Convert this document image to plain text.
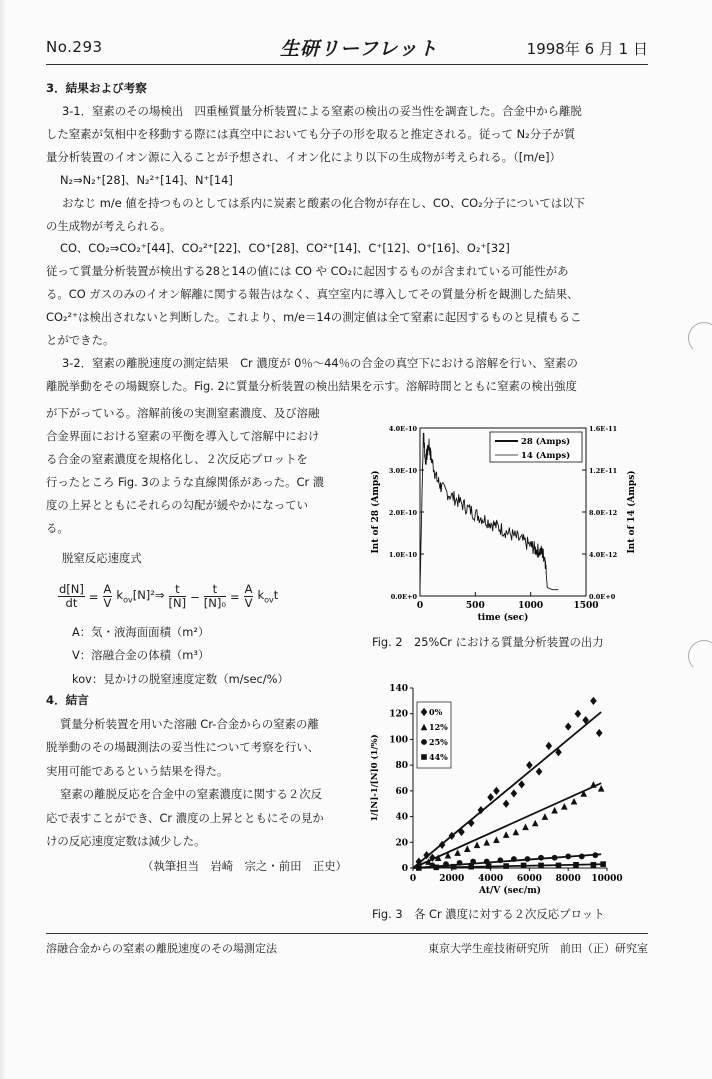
No.293	生研リーフレット	1998年 6 月 1 日
3．結果および考察
3-1．窒素のその場検出　四重極質量分析装置による窒素の検出の妥当性を調査した。合金中から離脱
した窒素が気相中を移動する際には真空中においても分子の形を取ると推定される。従って N₂分子が質
量分析装置のイオン源に入ることが予想され、イオン化により以下の生成物が考えられる。（[m/e]）
N₂⇒N₂⁺[28]、N₂²⁺[14]、N⁺[14]
おなじ m/e 値を持つものとしては系内に炭素と酸素の化合物が存在し、CO、CO₂分子については以下
の生成物が考えられる。
CO、CO₂⇒CO₂⁺[44]、CO₂²⁺[22]、CO⁺[28]、CO²⁺[14]、C⁺[12]、O⁺[16]、O₂⁺[32]
従って質量分析装置が検出する28と14の値には CO や CO₂に起因するものが含まれている可能性があ
る。CO ガスのみのイオン解離に関する報告はなく、真空室内に導入してその質量分析を観測した結果、
CO₂²⁺は検出されないと判断した。これより、m/e＝14の測定値は全て窒素に起因するものと見積もるこ
とができた。
3-2．窒素の離脱速度の測定結果　Cr 濃度が 0％～44％の合金の真空下における溶解を行い、窒素の
離脱挙動をその場観察した。Fig. 2に質量分析装置の検出結果を示す。溶解時間とともに窒素の検出強度
が下がっている。溶解前後の実測窒素濃度、及び溶融
合金界面における窒素の平衡を導入して溶解中におけ
る合金の窒素濃度を規格化し、２次反応プロットを
行ったところ Fig. 3のような直線関係があった。Cr 濃
度の上昇とともにそれらの勾配が緩やかになってい
る。
脱窒反応速度式
$\frac{d[N]}{dt} = \frac{A}{V}$ $k_{ov}[N]^2\Rightarrow \frac{t}{[N]} - \frac{t}{\text{[N]₀}} = \frac{A}{V} k_{ov}t$
A：気・液海面面積（m²）
V：溶融合金の体積（m³）
kov：見かけの脱窒速度定数（m/sec/%）
4．結言
質量分析装置を用いた溶融 Cr-合金からの窒素の離
脱挙動のその場観測法の妥当性について考察を行い、
実用可能であるという結果を得た。
窒素の離脱反応を合金中の窒素濃度に関する２次反
応で表すことができ、Cr 濃度の上昇とともにその見か
けの反応速度定数は減少した。
（執筆担当　岩崎　宗之・前田　正史）
0	500	1000	1500
0.0E+0
1.0E-10
2.0E-10
3.0E-10
4.0E-10
0.0E+0
4.0E-12
8.0E-12
1.2E-11
1.6E-11
time (sec)
Int of 28 (Amps)	Int of 14 (Amps)
28 (Amps)
14 (Amps)
Fig. 2　25%Cr における質量分析装置の出力
0	2000 4000 6000 8000 10000
0
20
40
60
80
100
120
140
At/V (sec/m)
1/[N]-1/[N]0 (1/%)
0%
12%
25%
44%
Fig. 3　各 Cr 濃度に対する２次反応プロット
溶融合金からの窒素の離脱速度のその場測定法	東京大学生産技術研究所　前田（正）研究室
